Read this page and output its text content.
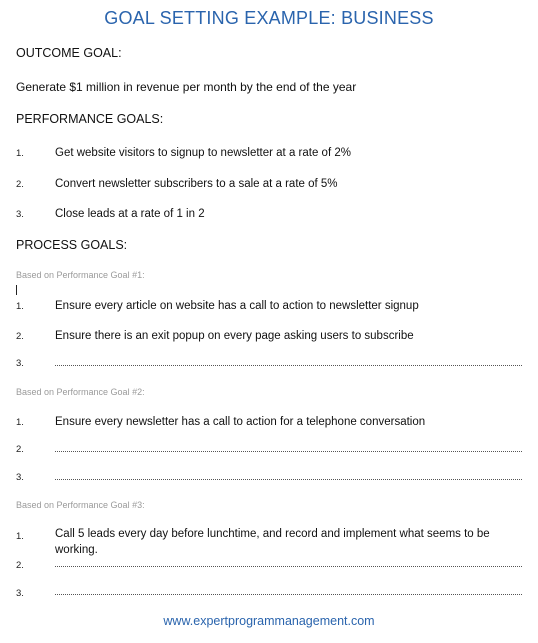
GOAL SETTING EXAMPLE: BUSINESS
OUTCOME GOAL:
Generate $1 million in revenue per month by the end of the year
PERFORMANCE GOALS:
1.	Get website visitors to signup to newsletter at a rate of 2%
2.	Convert newsletter subscribers to a sale at a rate of 5%
3.	Close leads at a rate of 1 in 2
PROCESS GOALS:
Based on Performance Goal #1:
1.	Ensure every article on website has a call to action to newsletter signup
2.	Ensure there is an exit popup on every page asking users to subscribe
3.
Based on Performance Goal #2:
1.	Ensure every newsletter has a call to action for a telephone conversation
2.
3.
Based on Performance Goal #3:
1.	Call 5 leads every day before lunchtime, and record and implement what seems to be working.
2.
3.
www.expertprogrammanagement.com
